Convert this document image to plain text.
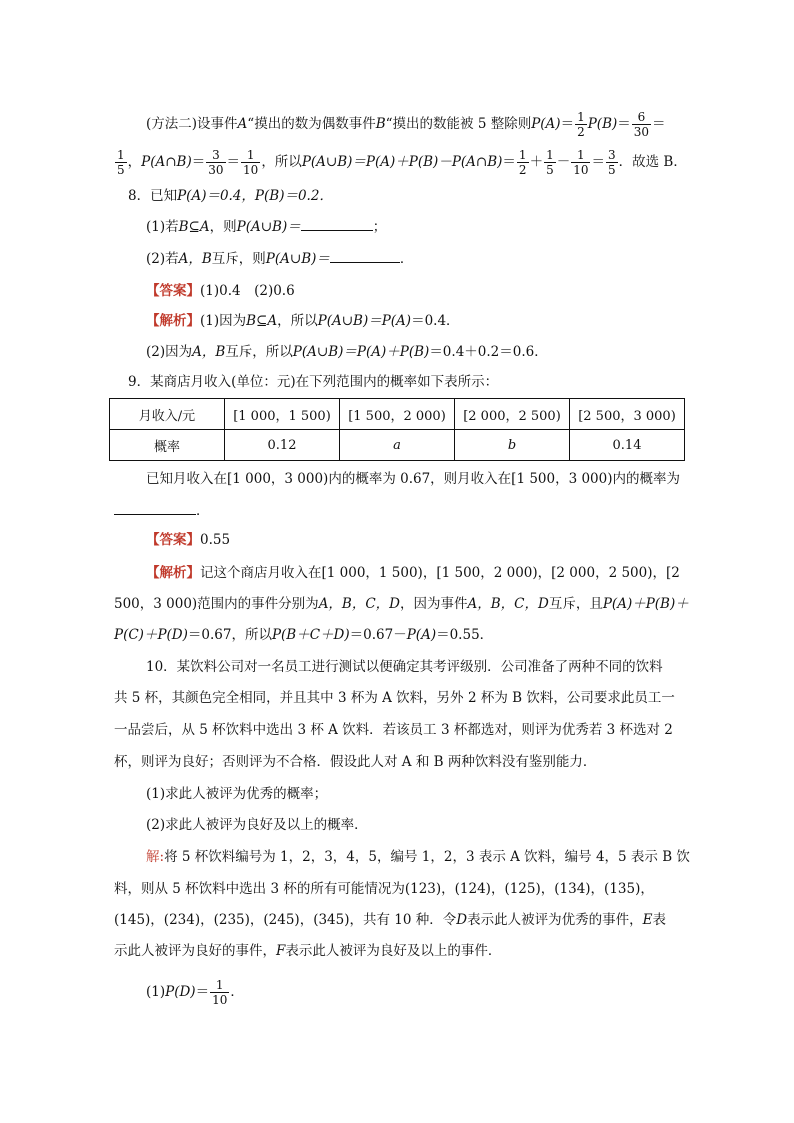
(方法二)设事件A“摸出的数为偶数事件B“摸出的数能被 5 整除则$P(A)= \frac{1}{2} P(B)= \frac{6}{30}$ ＝
$\frac{1}{5}$ ，P(A∩B)＝ $\frac{3}{30} = \frac{1}{10}$ ，所以P(A∪B)＝P(A)＋P(B)－P(A∩B)＝ $\frac{1}{2} + \frac{1}{5} - \frac{1}{10} = \frac{3}{5}$ ．故选 B．
8．已知P(A)＝0.4，P(B)＝0.2．
(1)若B⊆A，则P(A∪B)＝	；
(2)若A，B互斥，则P(A∪B)＝	．
【答案】(1)0.4　(2)0.6
【解析】(1)因为B⊆A，所以P(A∪B)＝P(A)＝0.4．
(2)因为A，B互斥，所以P(A∪B)＝P(A)＋P(B)＝0.4＋0.2＝0.6．
9．某商店月收入(单位：元)在下列范围内的概率如下表所示：
月收入/元	[1 000，1 500)	[1 500，2 000)	[2 000，2 500)	[2 500，3 000)
概率	0.12	a	b	0.14
已知月收入在[1 000，3 000)内的概率为 0.67，则月收入在[1 500，3 000)内的概率为
．
【答案】0.55
【解析】记这个商店月收入在[1 000，1 500)，[1 500，2 000)，[2 000，2 500)，[2
500，3 000)范围内的事件分别为A，B，C，D，因为事件A，B，C，D互斥，且P(A)＋P(B)＋
P(C)＋P(D)＝0.67，所以P(B＋C＋D)＝0.67－P(A)＝0.55．
10．某饮料公司对一名员工进行测试以便确定其考评级别．公司准备了两种不同的饮料
共 5 杯，其颜色完全相同，并且其中 3 杯为 A 饮料，另外 2 杯为 B 饮料，公司要求此员工一
一品尝后，从 5 杯饮料中选出 3 杯 A 饮料．若该员工 3 杯都选对，则评为优秀若 3 杯选对 2
杯，则评为良好；否则评为不合格．假设此人对 A 和 B 两种饮料没有鉴别能力．
(1)求此人被评为优秀的概率；
(2)求此人被评为良好及以上的概率．
解:将 5 杯饮料编号为 1，2，3，4，5，编号 1，2，3 表示 A 饮料，编号 4，5 表示 B 饮
料，则从 5 杯饮料中选出 3 杯的所有可能情况为(123)，(124)，(125)，(134)，(135)，
(145)，(234)，(235)，(245)，(345)，共有 10 种．令D表示此人被评为优秀的事件，E表
示此人被评为良好的事件，F表示此人被评为良好及以上的事件．
$(1)P(D)= \frac{1}{10}$ ．
